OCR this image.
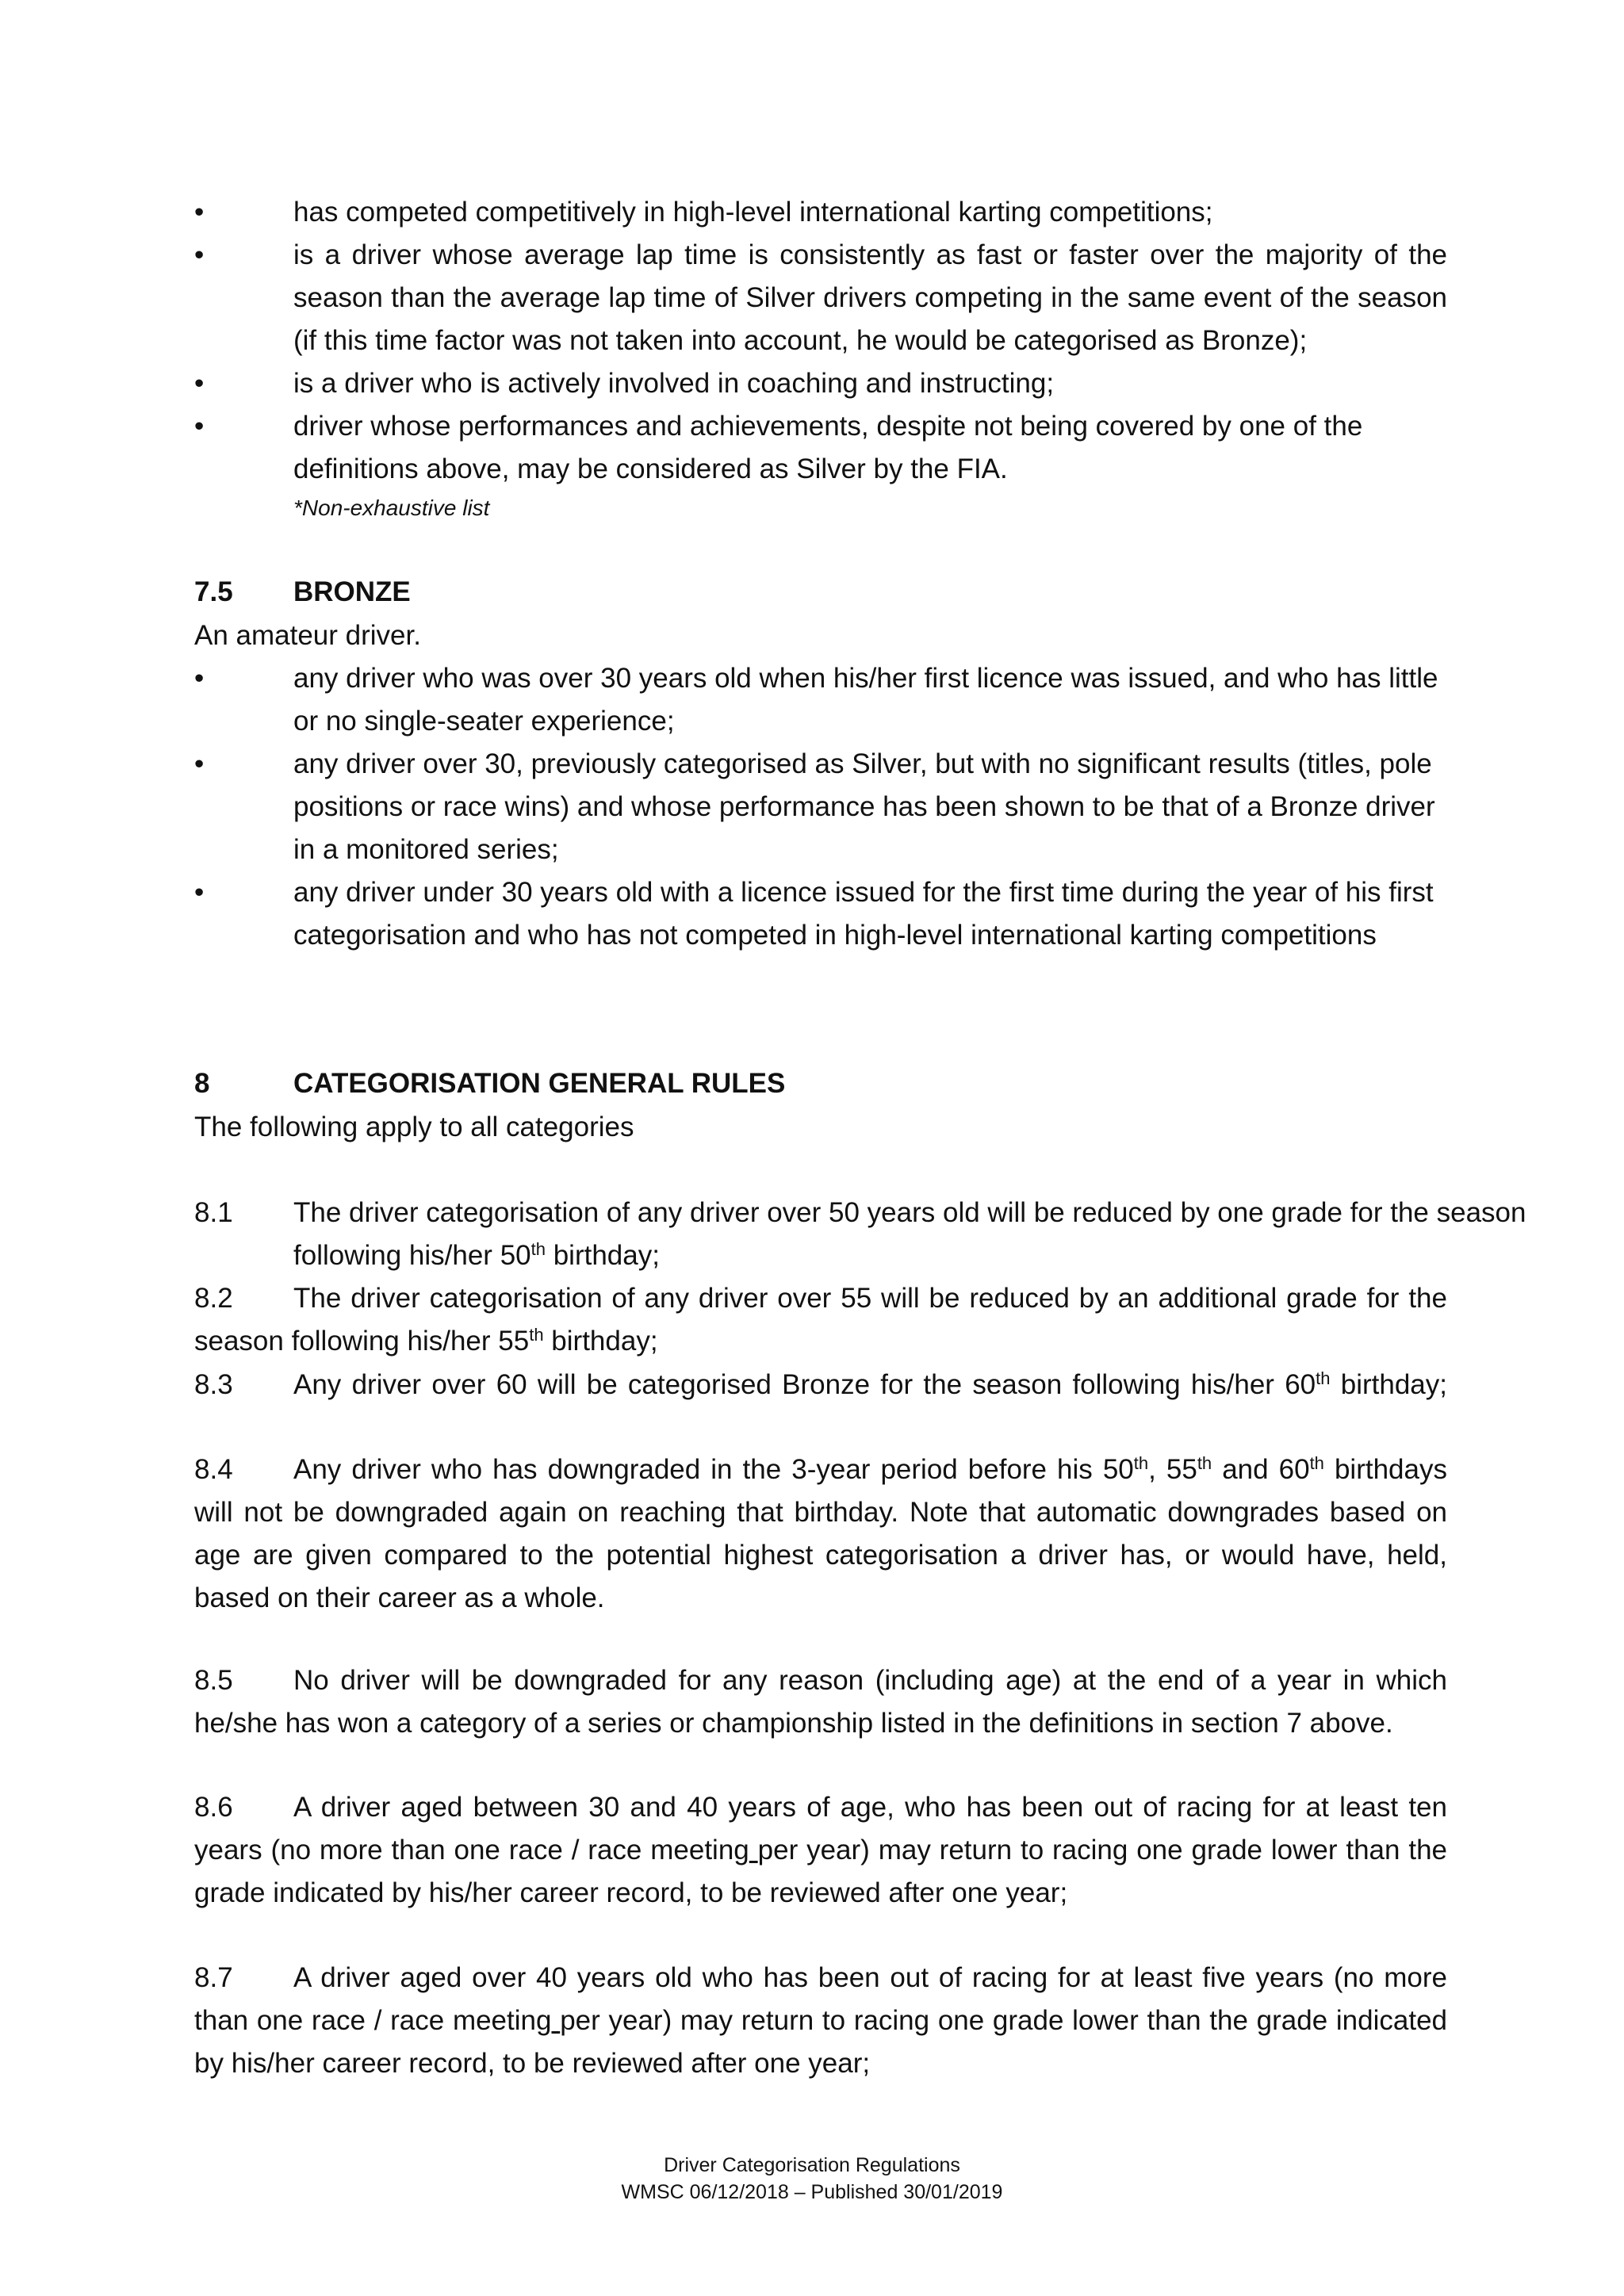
•	has competed competitively in high-level international karting competitions;
•	is a driver whose average lap time is consistently as fast or faster over the majority of the season than the average lap time of Silver drivers competing in the same event of the season (if this time factor was not taken into account, he would be categorised as Bronze);
•	is a driver who is actively involved in coaching and instructing;
•	driver whose performances and achievements, despite not being covered by one of the definitions above, may be considered as Silver by the FIA.
*Non-exhaustive list
7.5 BRONZE
An amateur driver.
•	any driver who was over 30 years old when his/her first licence was issued, and who has little or no single-seater experience;
•	any driver over 30, previously categorised as Silver, but with no significant results (titles, pole positions or race wins) and whose performance has been shown to be that of a Bronze driver in a monitored series;
•	any driver under 30 years old with a licence issued for the first time during the year of his first categorisation and who has not competed in high-level international karting competitions
8	CATEGORISATION GENERAL RULES
The following apply to all categories
8.1 The driver categorisation of any driver over 50 years old will be reduced by one grade for the season following his/her 50th birthday;
8.2 The driver categorisation of any driver over 55 will be reduced by an additional grade for the season following his/her 55th birthday;
8.3 Any driver over 60 will be categorised Bronze for the season following his/her 60th birthday;
8.4 Any driver who has downgraded in the 3-year period before his 50th, 55th and 60th birthdays will not be downgraded again on reaching that birthday. Note that automatic downgrades based on age are given compared to the potential highest categorisation a driver has, or would have, held, based on their career as a whole.
8.5 No driver will be downgraded for any reason (including age) at the end of a year in which he/she has won a category of a series or championship listed in the definitions in section 7 above.
8.6 A driver aged between 30 and 40 years of age, who has been out of racing for at least ten years (no more than one race / race meeting per year) may return to racing one grade lower than the grade indicated by his/her career record, to be reviewed after one year;
8.7 A driver aged over 40 years old who has been out of racing for at least five years (no more than one race / race meeting per year) may return to racing one grade lower than the grade indicated by his/her career record, to be reviewed after one year;
Driver Categorisation Regulations
WMSC 06/12/2018 – Published 30/01/2019
